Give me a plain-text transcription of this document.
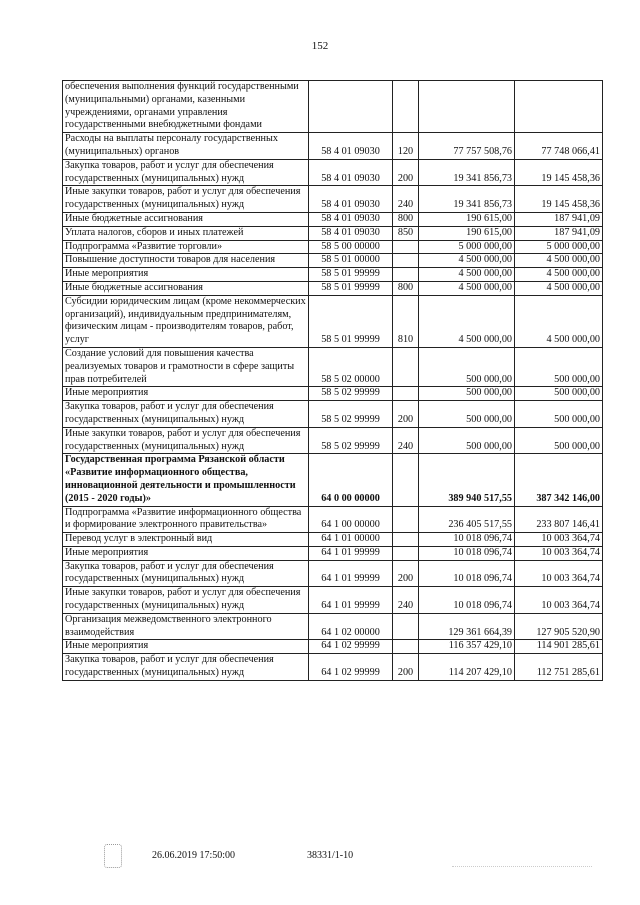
152
обеспечения выполнения функций государственными (муниципальными) органами, казенными учреждениями, органами управления государственными внебюджетными фондами				
Расходы на выплаты персоналу государственных (муниципальных) органов	58 4 01 09030	120	77 757 508,76	77 748 066,41
Закупка товаров, работ и услуг для обеспечения государственных (муниципальных) нужд	58 4 01 09030	200	19 341 856,73	19 145 458,36
Иные закупки товаров, работ и услуг для обеспечения государственных (муниципальных) нужд	58 4 01 09030	240	19 341 856,73	19 145 458,36
Иные бюджетные ассигнования	58 4 01 09030	800	190 615,00	187 941,09
Уплата налогов, сборов и иных платежей	58 4 01 09030	850	190 615,00	187 941,09
Подпрограмма «Развитие торговли»	58 5 00 00000		5 000 000,00	5 000 000,00
Повышение доступности товаров для населения	58 5 01 00000		4 500 000,00	4 500 000,00
Иные мероприятия	58 5 01 99999		4 500 000,00	4 500 000,00
Иные бюджетные ассигнования	58 5 01 99999	800	4 500 000,00	4 500 000,00
Субсидии юридическим лицам (кроме некоммерческих организаций), индивидуальным предпринимателям, физическим лицам - производителям товаров, работ, услуг	58 5 01 99999	810	4 500 000,00	4 500 000,00
Создание условий для повышения качества реализуемых товаров и грамотности в сфере защиты прав потребителей	58 5 02 00000		500 000,00	500 000,00
Иные мероприятия	58 5 02 99999		500 000,00	500 000,00
Закупка товаров, работ и услуг для обеспечения государственных (муниципальных) нужд	58 5 02 99999	200	500 000,00	500 000,00
Иные закупки товаров, работ и услуг для обеспечения государственных (муниципальных) нужд	58 5 02 99999	240	500 000,00	500 000,00
Государственная программа Рязанской области «Развитие информационного общества, инновационной деятельности и промышленности (2015 - 2020 годы)»	64 0 00 00000		389 940 517,55	387 342 146,00
Подпрограмма «Развитие информационного общества и формирование электронного правительства»	64 1 00 00000		236 405 517,55	233 807 146,41
Перевод услуг в электронный вид	64 1 01 00000		10 018 096,74	10 003 364,74
Иные мероприятия	64 1 01 99999		10 018 096,74	10 003 364,74
Закупка товаров, работ и услуг для обеспечения государственных (муниципальных) нужд	64 1 01 99999	200	10 018 096,74	10 003 364,74
Иные закупки товаров, работ и услуг для обеспечения государственных (муниципальных) нужд	64 1 01 99999	240	10 018 096,74	10 003 364,74
Организация межведомственного электронного взаимодействия	64 1 02 00000		129 361 664,39	127 905 520,90
Иные мероприятия	64 1 02 99999		116 357 429,10	114 901 285,61
Закупка товаров, работ и услуг для обеспечения государственных (муниципальных) нужд	64 1 02 99999	200	114 207 429,10	112 751 285,61
26.06.2019 17:50:00	38331/1-10
